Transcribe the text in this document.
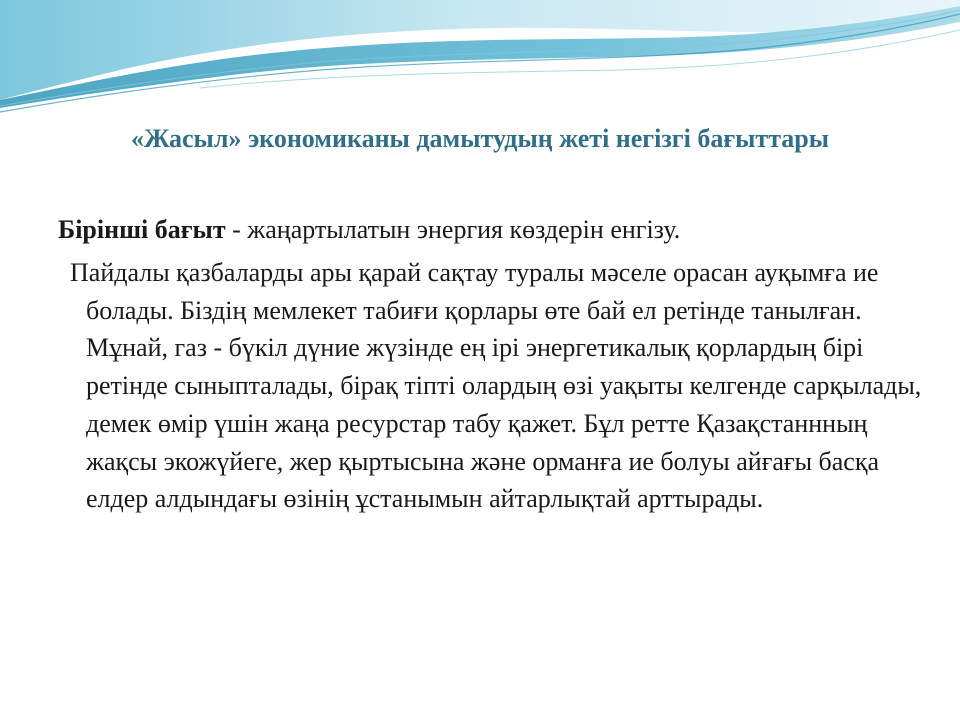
«Жасыл» экономиканы дамытудың жеті негізгі бағыттары

Бірінші бағыт - жаңартылатын энергия көздерін енгізу.

Пайдалы қазбаларды ары қарай сақтау туралы мәселе орасан ауқымға ие болады. Біздің мемлекет табиғи қорлары өте бай ел ретінде танылған. Мұнай, газ - бүкіл дүние жүзінде ең ірі энергетикалық қорлардың бірі ретінде сыныпталады, бірақ тіпті олардың өзі уақыты келгенде сарқылады, демек өмір үшін жаңа ресурстар табу қажет. Бұл ретте Қазақстаннның жақсы экожүйеге, жер қыртысына және орманға ие болуы айғағы басқа елдер алдындағы өзінің ұстанымын айтарлықтай арттырады.
